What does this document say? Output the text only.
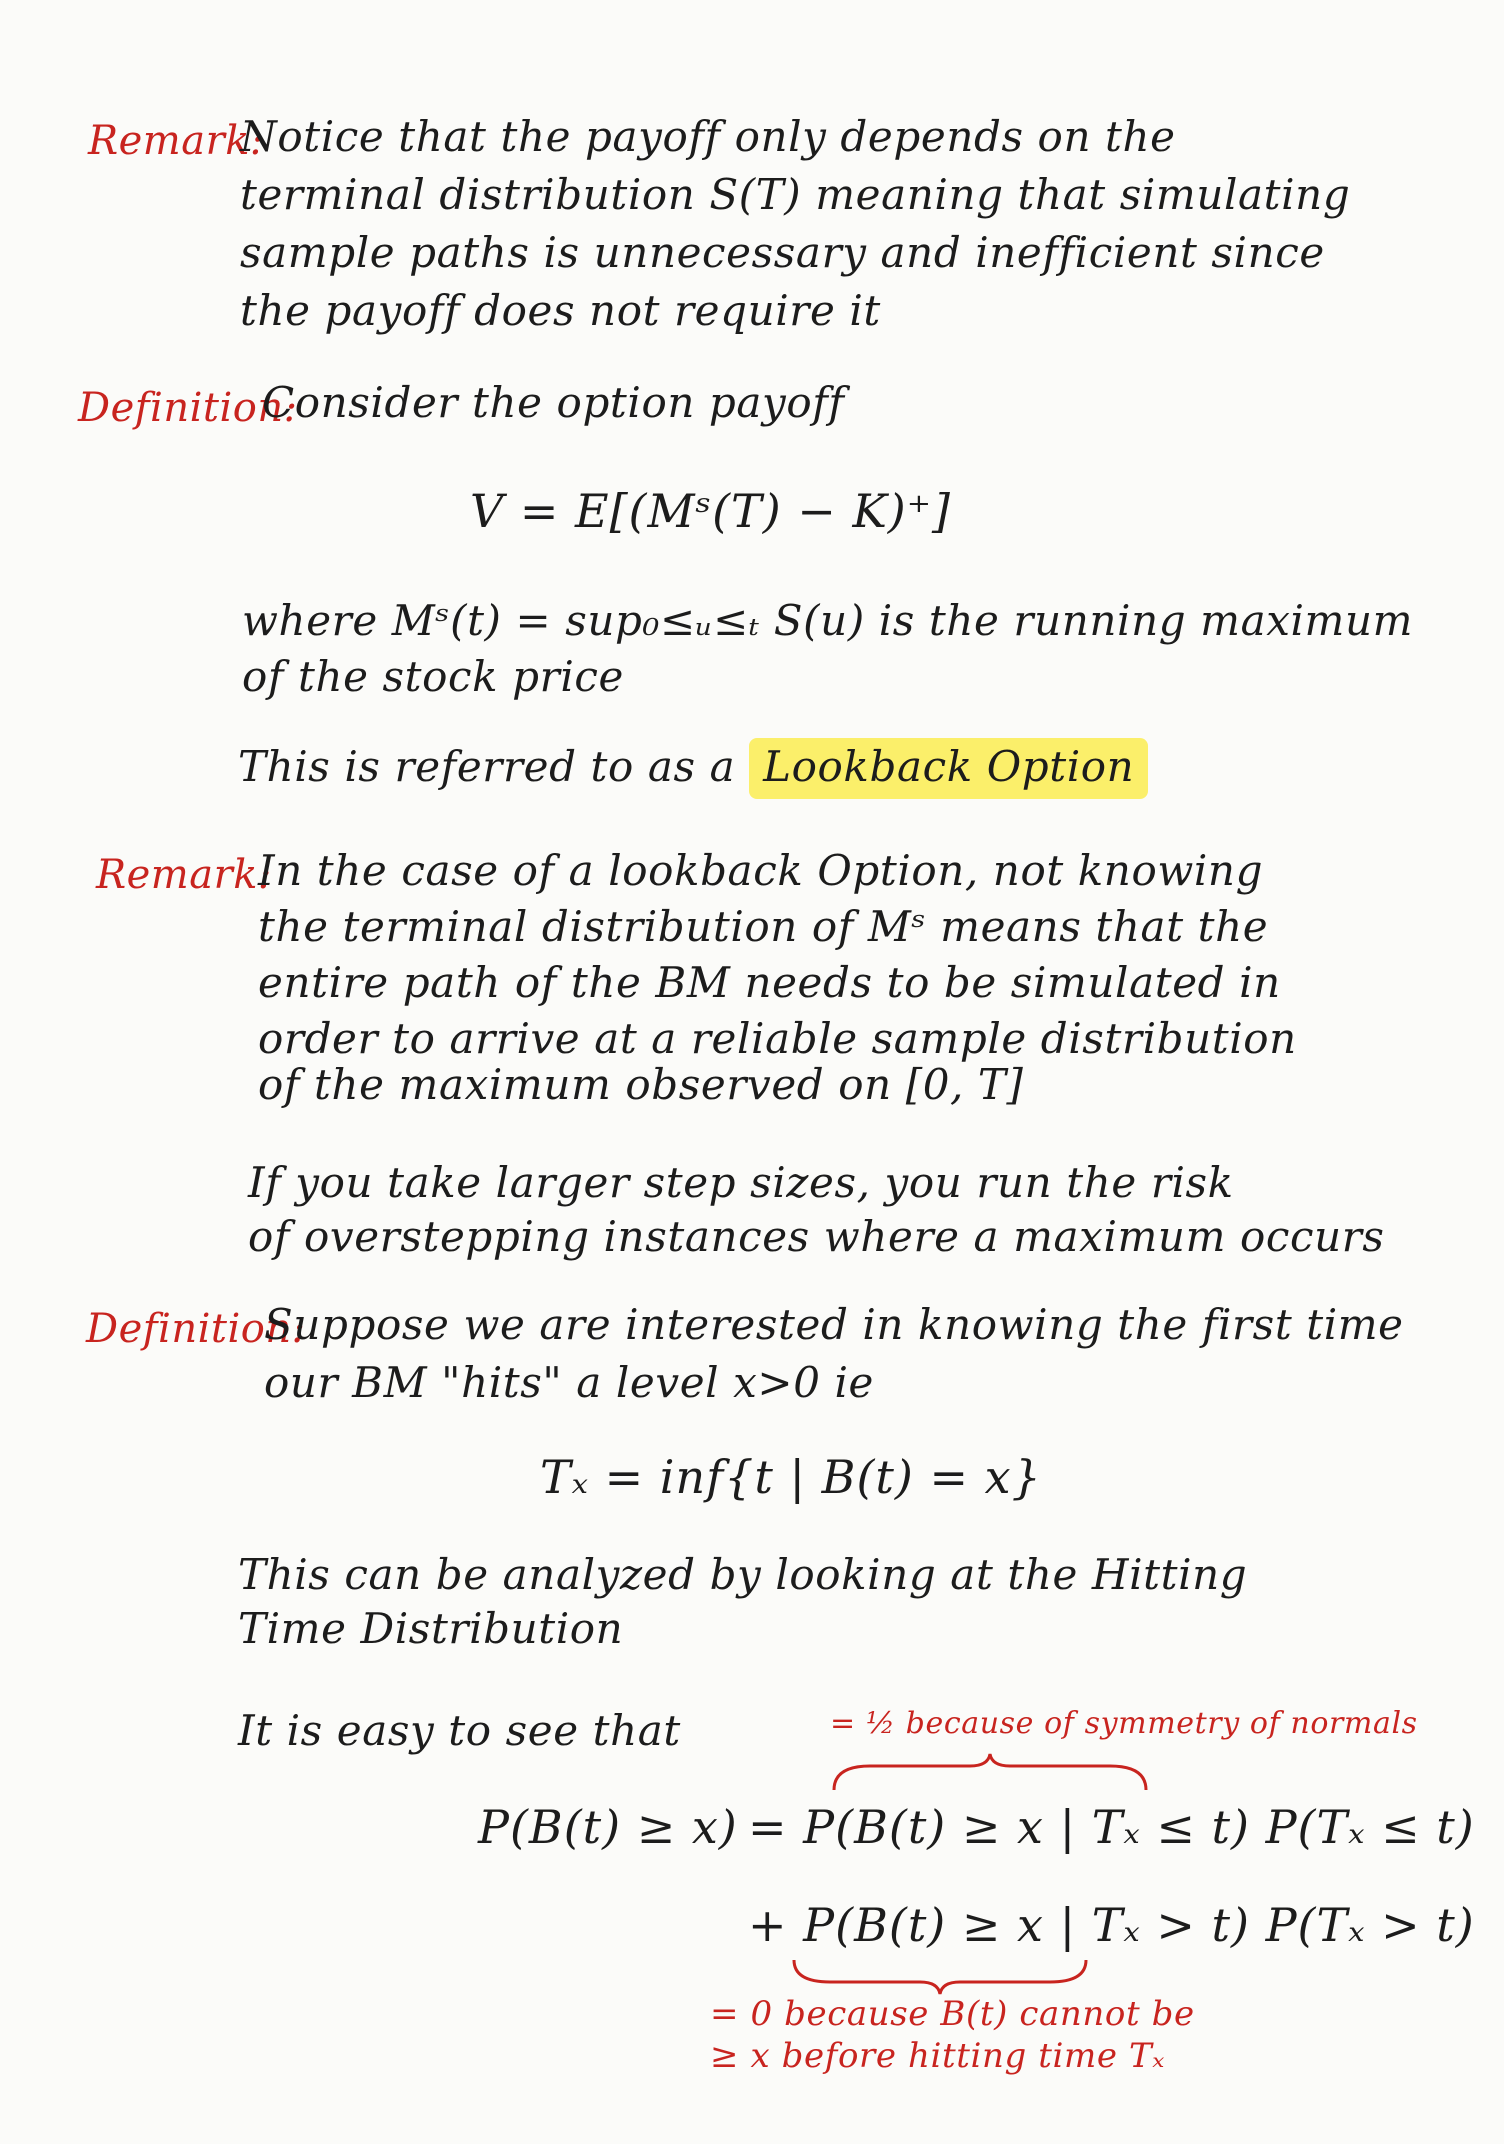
Remark:
Notice that the payoff only depends on the
terminal distribution S(T) meaning that simulating
sample paths is unnecessary and inefficient since
the payoff does not require it
Definition:
Consider the option payoff
V = E[(Mˢ(T) − K)⁺]
where Mˢ(t) = sup₀≤ᵤ≤ₜ S(u) is the running maximum
of the stock price
This is referred to as a Lookback Option
Remark:
In the case of a lookback Option, not knowing
the terminal distribution of Mˢ means that the
entire path of the BM needs to be simulated in
order to arrive at a reliable sample distribution
of the maximum observed on [0, T]
If you take larger step sizes, you run the risk
of overstepping instances where a maximum occurs
Definition:
Suppose we are interested in knowing the first time
our BM "hits" a level x>0 ie
Tₓ = inf{t | B(t) = x}
This can be analyzed by looking at the Hitting
Time Distribution
It is easy to see that	= ½ because of symmetry of normals
P(B(t) ≥ x) = P(B(t) ≥ x | Tₓ ≤ t) P(Tₓ ≤ t)
+ P(B(t) ≥ x | Tₓ > t) P(Tₓ > t)
= 0 because B(t) cannot be
≥ x before hitting time Tₓ
